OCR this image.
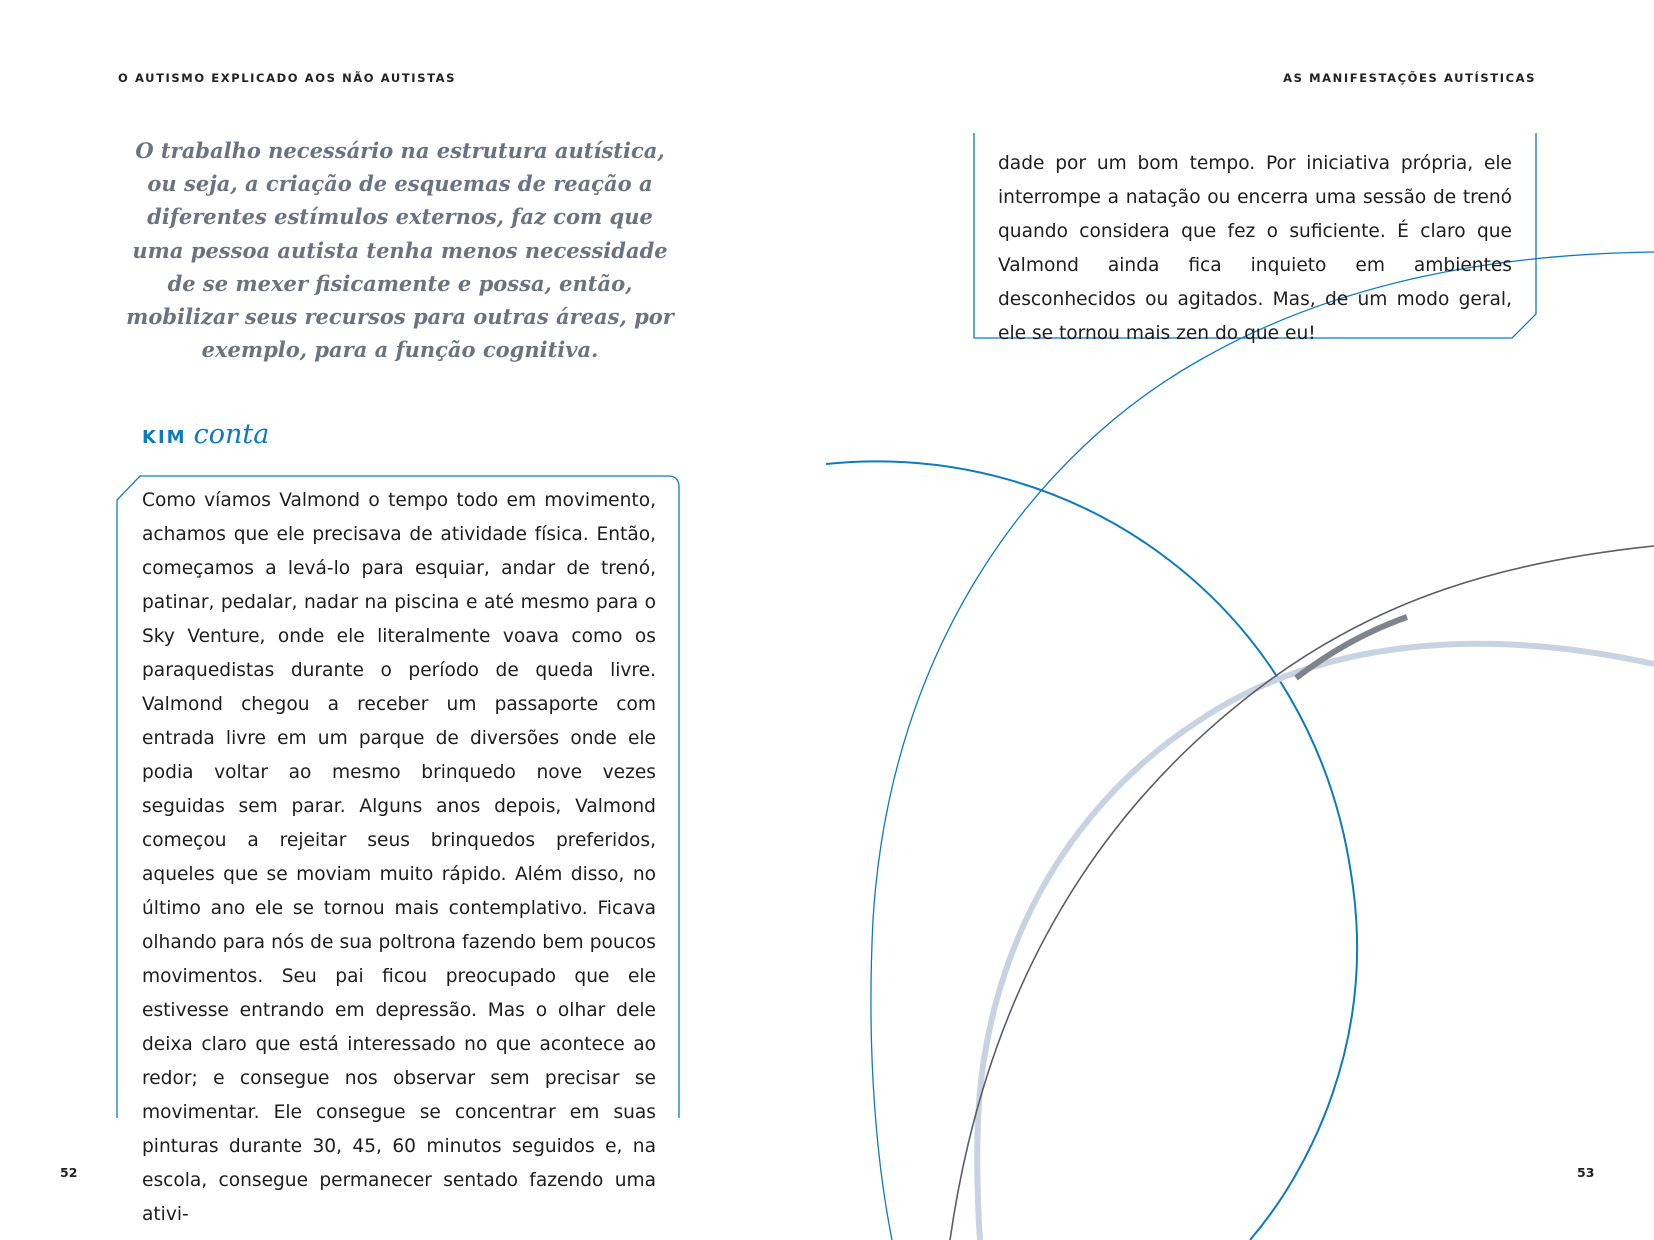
O AUTISMO EXPLICADO AOS NÃO AUTISTAS	AS MANIFESTAÇÕES AUTÍSTICAS

O trabalho necessário na estrutura autística, ou seja, a criação de esquemas de reação a diferentes estímulos externos, faz com que uma pessoa autista tenha menos necessidade de se mexer fisicamente e possa, então, mobilizar seus recursos para outras áreas, por exemplo, para a função cognitiva.

KIM conta

Como víamos Valmond o tempo todo em movimento, achamos que ele precisava de atividade física. Então, começamos a levá-lo para esquiar, andar de trenó, patinar, pedalar, nadar na piscina e até mesmo para o Sky Venture, onde ele literalmente voava como os paraquedistas durante o período de queda livre. Valmond chegou a receber um passaporte com entrada livre em um parque de diversões onde ele podia voltar ao mesmo brinquedo nove vezes seguidas sem parar. Alguns anos depois, Valmond começou a rejeitar seus brinquedos preferidos, aqueles que se moviam muito rápido. Além disso, no último ano ele se tornou mais contemplativo. Ficava olhando para nós de sua poltrona fazendo bem poucos movimentos. Seu pai ficou preocupado que ele estivesse entrando em depressão. Mas o olhar dele deixa claro que está interessado no que acontece ao redor; e consegue nos observar sem precisar se movimentar. Ele consegue se concentrar em suas pinturas durante 30, 45, 60 minutos seguidos e, na escola, consegue permanecer sentado fazendo uma ativi-

dade por um bom tempo. Por iniciativa própria, ele interrompe a natação ou encerra uma sessão de trenó quando considera que fez o suficiente. É claro que Valmond ainda fica inquieto em ambientes desconhecidos ou agitados. Mas, de um modo geral, ele se tornou mais zen do que eu!

52	53
